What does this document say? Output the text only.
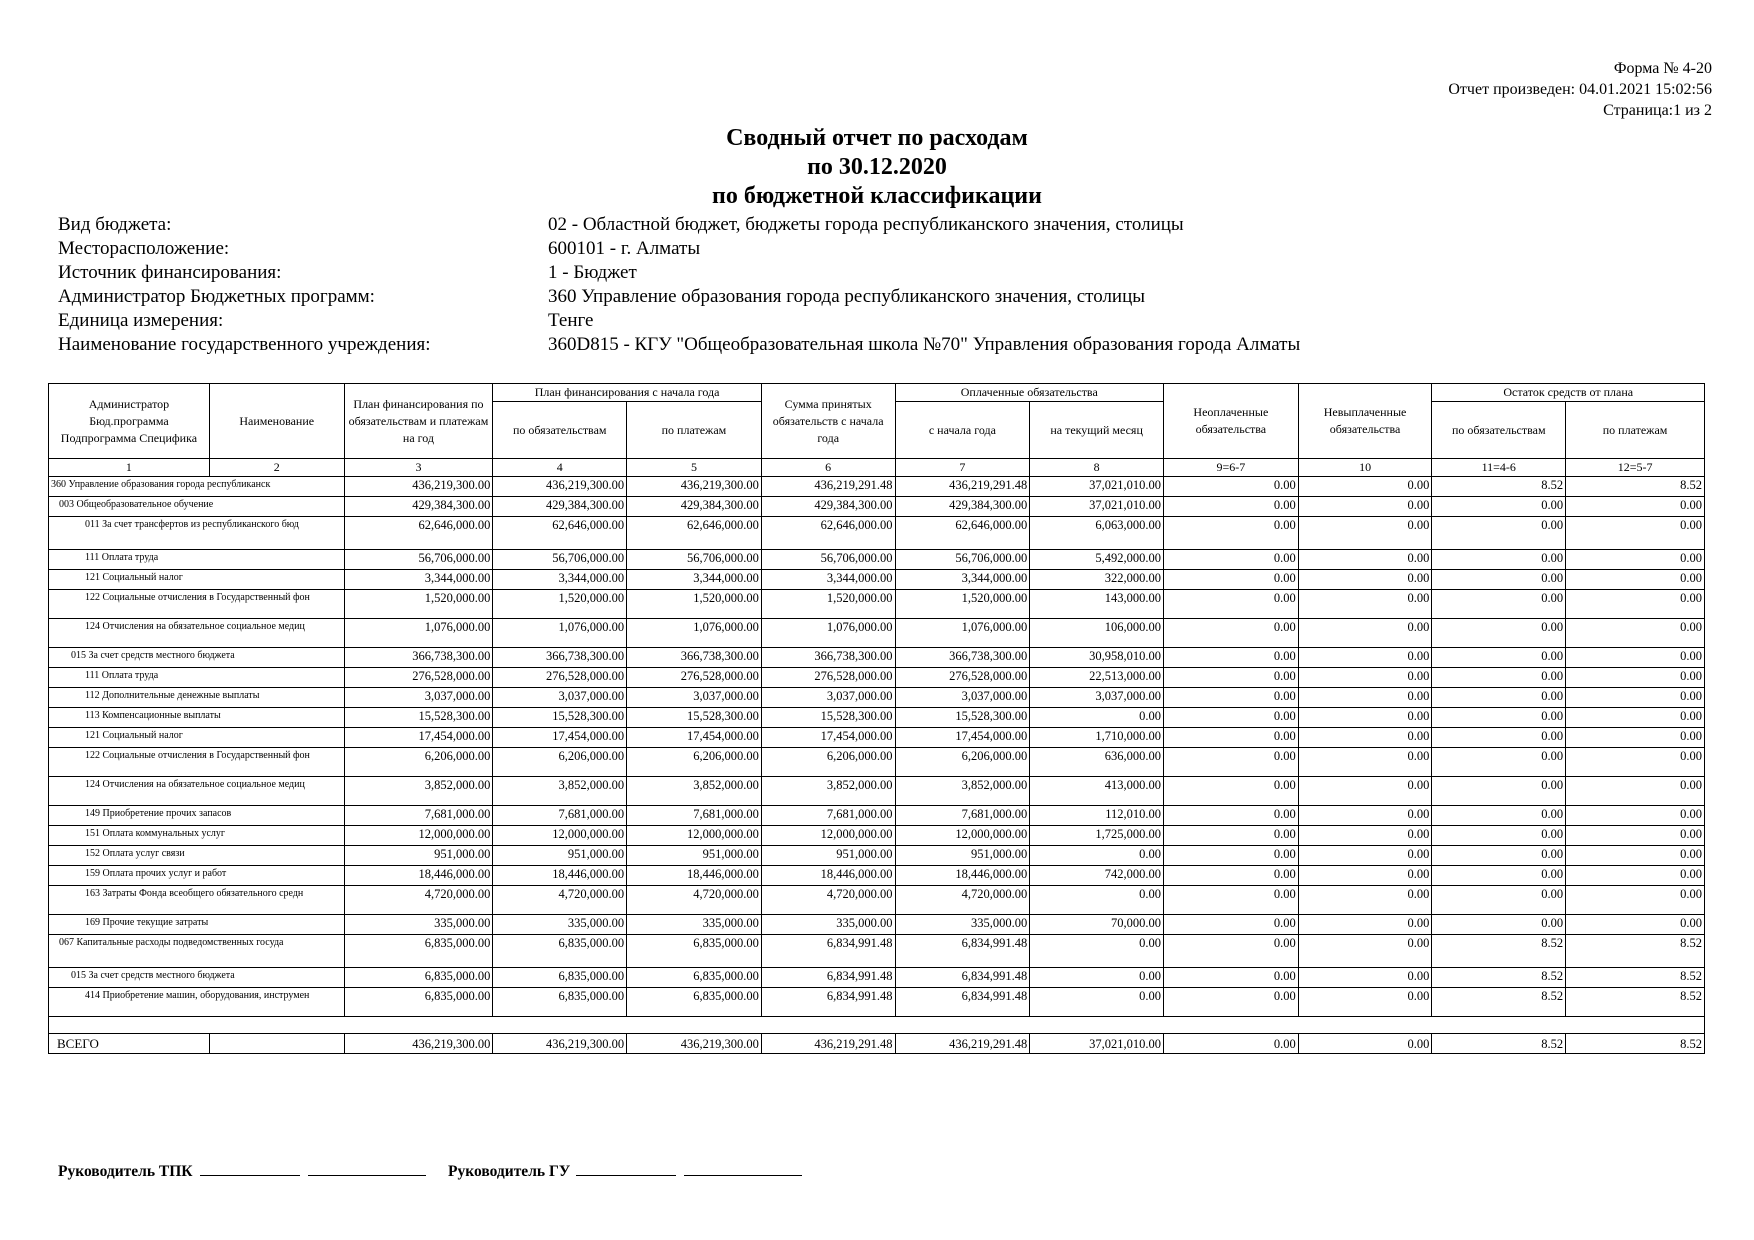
Форма № 4-20
Отчет произведен: 04.01.2021 15:02:56
Страница:1 из 2
Сводный отчет по расходам
по 30.12.2020
по бюджетной классификации
Вид бюджета:	02 - Областной бюджет, бюджеты города республиканского значения, столицы
Месторасположение:	600101 - г. Алматы
Источник финансирования:	1 - Бюджет
Администратор Бюджетных программ:	360 Управление образования города республиканского значения, столицы
Единица измерения:	Тенге
Наименование государственного учреждения:	360D815 - КГУ "Общеобразовательная школа №70" Управления образования города Алматы
Администратор Бюд.программа Подпрограмма Специфика	Наименование	План финансирования по обязательствам и платежам на год	План финансирования с начала года		Сумма принятых обязательств с начала года	Оплаченные обязательства		Неоплаченные обязательства	Невыплаченные обязательства	Остаток средств от плана	
			по обязательствам	по платежам		с начала года	на текущий месяц			по обязательствам	по платежам
1	2	3	4	5	6	7	8	9=6-7	10	11=4-6	12=5-7
360 Управление образования города республиканск		436,219,300.00	436,219,300.00	436,219,300.00	436,219,291.48	436,219,291.48	37,021,010.00	0.00	0.00	8.52	8.52
003 Общеобразовательное обучение		429,384,300.00	429,384,300.00	429,384,300.00	429,384,300.00	429,384,300.00	37,021,010.00	0.00	0.00	0.00	0.00
011 За счет трансфертов из республиканского бюд		62,646,000.00	62,646,000.00	62,646,000.00	62,646,000.00	62,646,000.00	6,063,000.00	0.00	0.00	0.00	0.00
111 Оплата труда		56,706,000.00	56,706,000.00	56,706,000.00	56,706,000.00	56,706,000.00	5,492,000.00	0.00	0.00	0.00	0.00
121 Социальный налог		3,344,000.00	3,344,000.00	3,344,000.00	3,344,000.00	3,344,000.00	322,000.00	0.00	0.00	0.00	0.00
122 Социальные отчисления в Государственный фон		1,520,000.00	1,520,000.00	1,520,000.00	1,520,000.00	1,520,000.00	143,000.00	0.00	0.00	0.00	0.00
124 Отчисления на обязательное социальное медиц		1,076,000.00	1,076,000.00	1,076,000.00	1,076,000.00	1,076,000.00	106,000.00	0.00	0.00	0.00	0.00
015 За счет средств местного бюджета		366,738,300.00	366,738,300.00	366,738,300.00	366,738,300.00	366,738,300.00	30,958,010.00	0.00	0.00	0.00	0.00
111 Оплата труда		276,528,000.00	276,528,000.00	276,528,000.00	276,528,000.00	276,528,000.00	22,513,000.00	0.00	0.00	0.00	0.00
112 Дополнительные денежные выплаты		3,037,000.00	3,037,000.00	3,037,000.00	3,037,000.00	3,037,000.00	3,037,000.00	0.00	0.00	0.00	0.00
113 Компенсационные выплаты		15,528,300.00	15,528,300.00	15,528,300.00	15,528,300.00	15,528,300.00	0.00	0.00	0.00	0.00	0.00
121 Социальный налог		17,454,000.00	17,454,000.00	17,454,000.00	17,454,000.00	17,454,000.00	1,710,000.00	0.00	0.00	0.00	0.00
122 Социальные отчисления в Государственный фон		6,206,000.00	6,206,000.00	6,206,000.00	6,206,000.00	6,206,000.00	636,000.00	0.00	0.00	0.00	0.00
124 Отчисления на обязательное социальное медиц		3,852,000.00	3,852,000.00	3,852,000.00	3,852,000.00	3,852,000.00	413,000.00	0.00	0.00	0.00	0.00
149 Приобретение прочих запасов		7,681,000.00	7,681,000.00	7,681,000.00	7,681,000.00	7,681,000.00	112,010.00	0.00	0.00	0.00	0.00
151 Оплата коммунальных услуг		12,000,000.00	12,000,000.00	12,000,000.00	12,000,000.00	12,000,000.00	1,725,000.00	0.00	0.00	0.00	0.00
152 Оплата услуг связи		951,000.00	951,000.00	951,000.00	951,000.00	951,000.00	0.00	0.00	0.00	0.00	0.00
159 Оплата прочих услуг и работ		18,446,000.00	18,446,000.00	18,446,000.00	18,446,000.00	18,446,000.00	742,000.00	0.00	0.00	0.00	0.00
163 Затраты Фонда всеобщего обязательного средн		4,720,000.00	4,720,000.00	4,720,000.00	4,720,000.00	4,720,000.00	0.00	0.00	0.00	0.00	0.00
169 Прочие текущие затраты		335,000.00	335,000.00	335,000.00	335,000.00	335,000.00	70,000.00	0.00	0.00	0.00	0.00
067 Капитальные расходы подведомственных госуда		6,835,000.00	6,835,000.00	6,835,000.00	6,834,991.48	6,834,991.48	0.00	0.00	0.00	8.52	8.52
015 За счет средств местного бюджета		6,835,000.00	6,835,000.00	6,835,000.00	6,834,991.48	6,834,991.48	0.00	0.00	0.00	8.52	8.52
414 Приобретение машин, оборудования, инструмен		6,835,000.00	6,835,000.00	6,835,000.00	6,834,991.48	6,834,991.48	0.00	0.00	0.00	8.52	8.52

ВСЕГО		436,219,300.00	436,219,300.00	436,219,300.00	436,219,291.48	436,219,291.48	37,021,010.00	0.00	0.00	8.52	8.52
Руководитель ТПК	Руководитель ГУ
